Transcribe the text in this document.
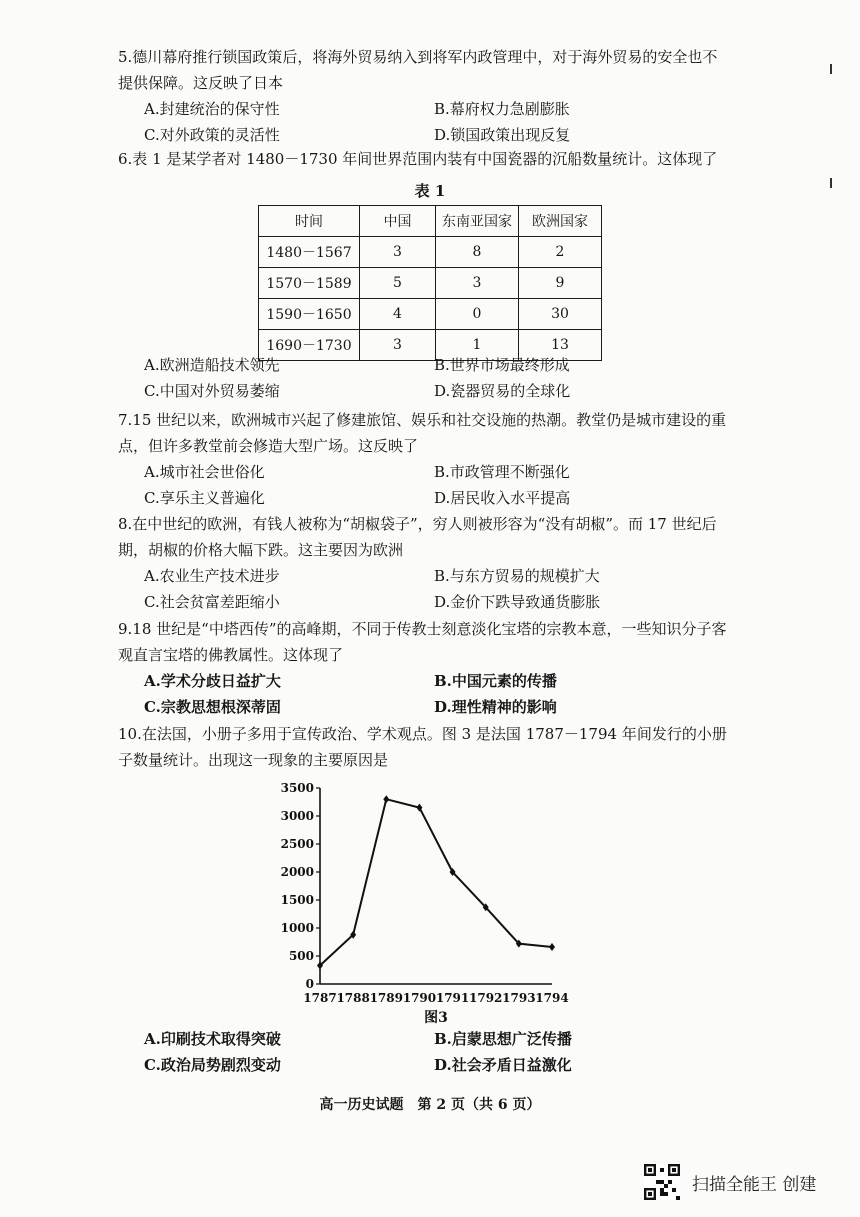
5.德川幕府推行锁国政策后，将海外贸易纳入到将军内政管理中，对于海外贸易的安全也不提供保障。这反映了日本

A.封建统治的保守性	B.幕府权力急剧膨胀
C.对外政策的灵活性	D.锁国政策出现反复

6.表 1 是某学者对 1480－1730 年间世界范围内装有中国瓷器的沉船数量统计。这体现了

表 1
时间	中国	东南亚国家	欧洲国家
1480－1567	3	8	2
1570－1589	5	3	9
1590－1650	4	0	30
1690－1730	3	1	13
A.欧洲造船技术领先	B.世界市场最终形成
C.中国对外贸易萎缩	D.瓷器贸易的全球化

7.15 世纪以来，欧洲城市兴起了修建旅馆、娱乐和社交设施的热潮。教堂仍是城市建设的重点，但许多教堂前会修造大型广场。这反映了

A.城市社会世俗化	B.市政管理不断强化
C.享乐主义普遍化	D.居民收入水平提高

8.在中世纪的欧洲，有钱人被称为“胡椒袋子”，穷人则被形容为“没有胡椒”。而 17 世纪后期，胡椒的价格大幅下跌。这主要因为欧洲

A.农业生产技术进步	B.与东方贸易的规模扩大
C.社会贫富差距缩小	D.金价下跌导致通货膨胀

9.18 世纪是“中塔西传”的高峰期，不同于传教士刻意淡化宝塔的宗教本意，一些知识分子客观直言宝塔的佛教属性。这体现了

A.学术分歧日益扩大	B.中国元素的传播
C.宗教思想根深蒂固	D.理性精神的影响

10.在法国，小册子多用于宣传政治、学术观点。图 3 是法国 1787－1794 年间发行的小册子数量统计。出现这一现象的主要原因是

0
500
1000
1500
2000
2500
3000
3500
1787 1788 1789 1790 1791 1792 1793 1794
图3
A.印刷技术取得突破	B.启蒙思想广泛传播
C.政治局势剧烈变动	D.社会矛盾日益激化
高一历史试题　第 2 页（共 6 页）
扫描全能王 创建
